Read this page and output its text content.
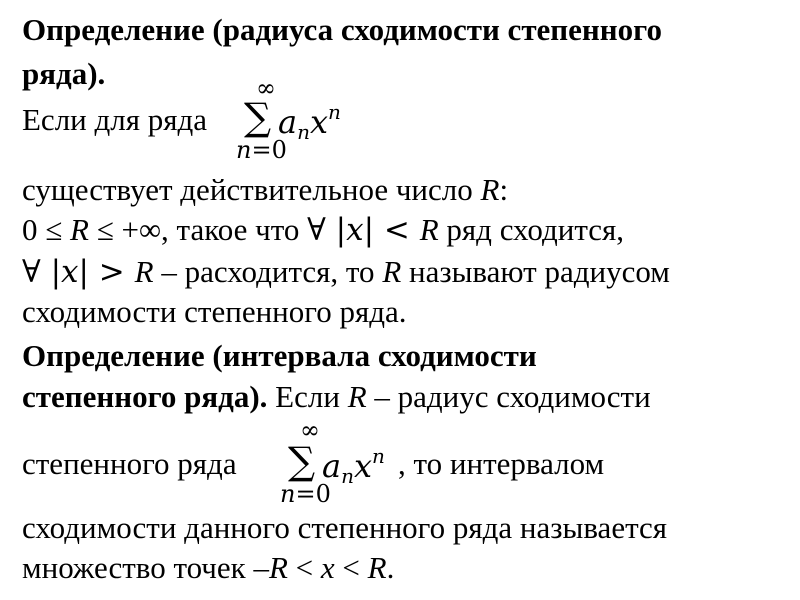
Определение (радиуса сходимости степенного
ряда).
Если для ряда
∞
∑ anx$^n$
n=0
существует действительное число R:
0 ≤ R ≤ +∞, такое что ∀ |x| < R ряд сходится,
∀ |x| > R – расходится, то R называют радиусом
сходимости степенного ряда.
Определение (интервала сходимости
степенного ряда). Если R – радиус сходимости
степенного ряда
∞
∑ anx$^n$
n=0
, то интервалом
сходимости данного степенного ряда называется
множество точек –R < x < R.
